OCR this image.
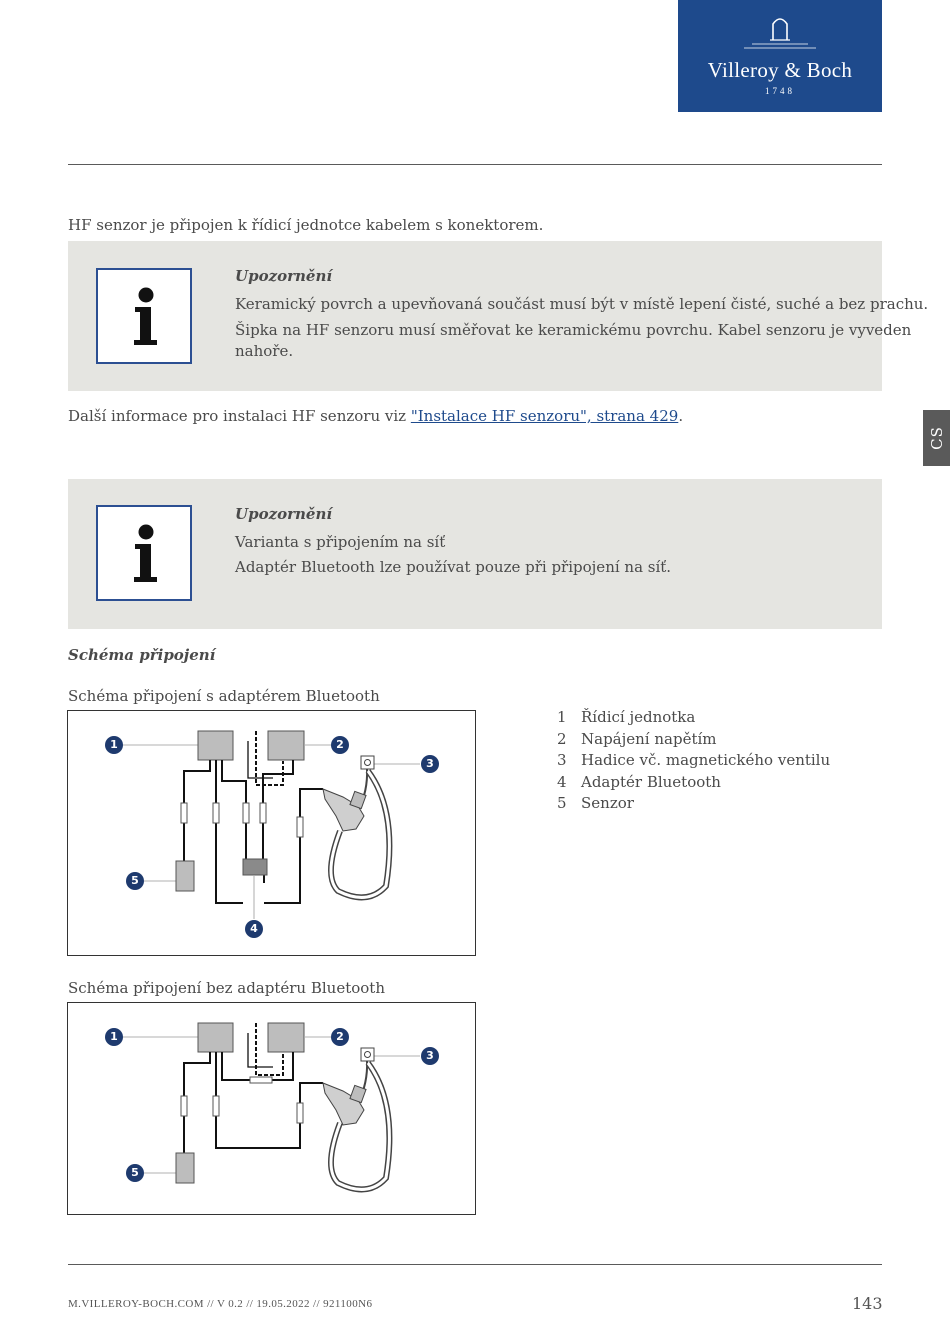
Villeroy & Boch
1748
CS
HF senzor je připojen k řídicí jednotce kabelem s konektorem.
Upozornění
Keramický povrch a upevňovaná součást musí být v místě lepení čisté, suché a bez prachu.
Šipka na HF senzoru musí směřovat ke keramickému povrchu. Kabel senzoru je vyveden
nahoře.
Další informace pro instalaci HF senzoru viz "Instalace HF senzoru", strana 429.
Upozornění
Varianta s připojením na síť
Adaptér Bluetooth lze používat pouze při připojení na síť.
Schéma připojení
Schéma připojení s adaptérem Bluetooth
1	2
3
4
5
1 Řídicí jednotka
2 Napájení napětím
3 Hadice vč. magnetického ventilu
4 Adaptér Bluetooth
5 Senzor
Schéma připojení bez adaptéru Bluetooth
1	2
3
5
M.VILLEROY-BOCH.COM // V 0.2 // 19.05.2022 // 921100N6	143
